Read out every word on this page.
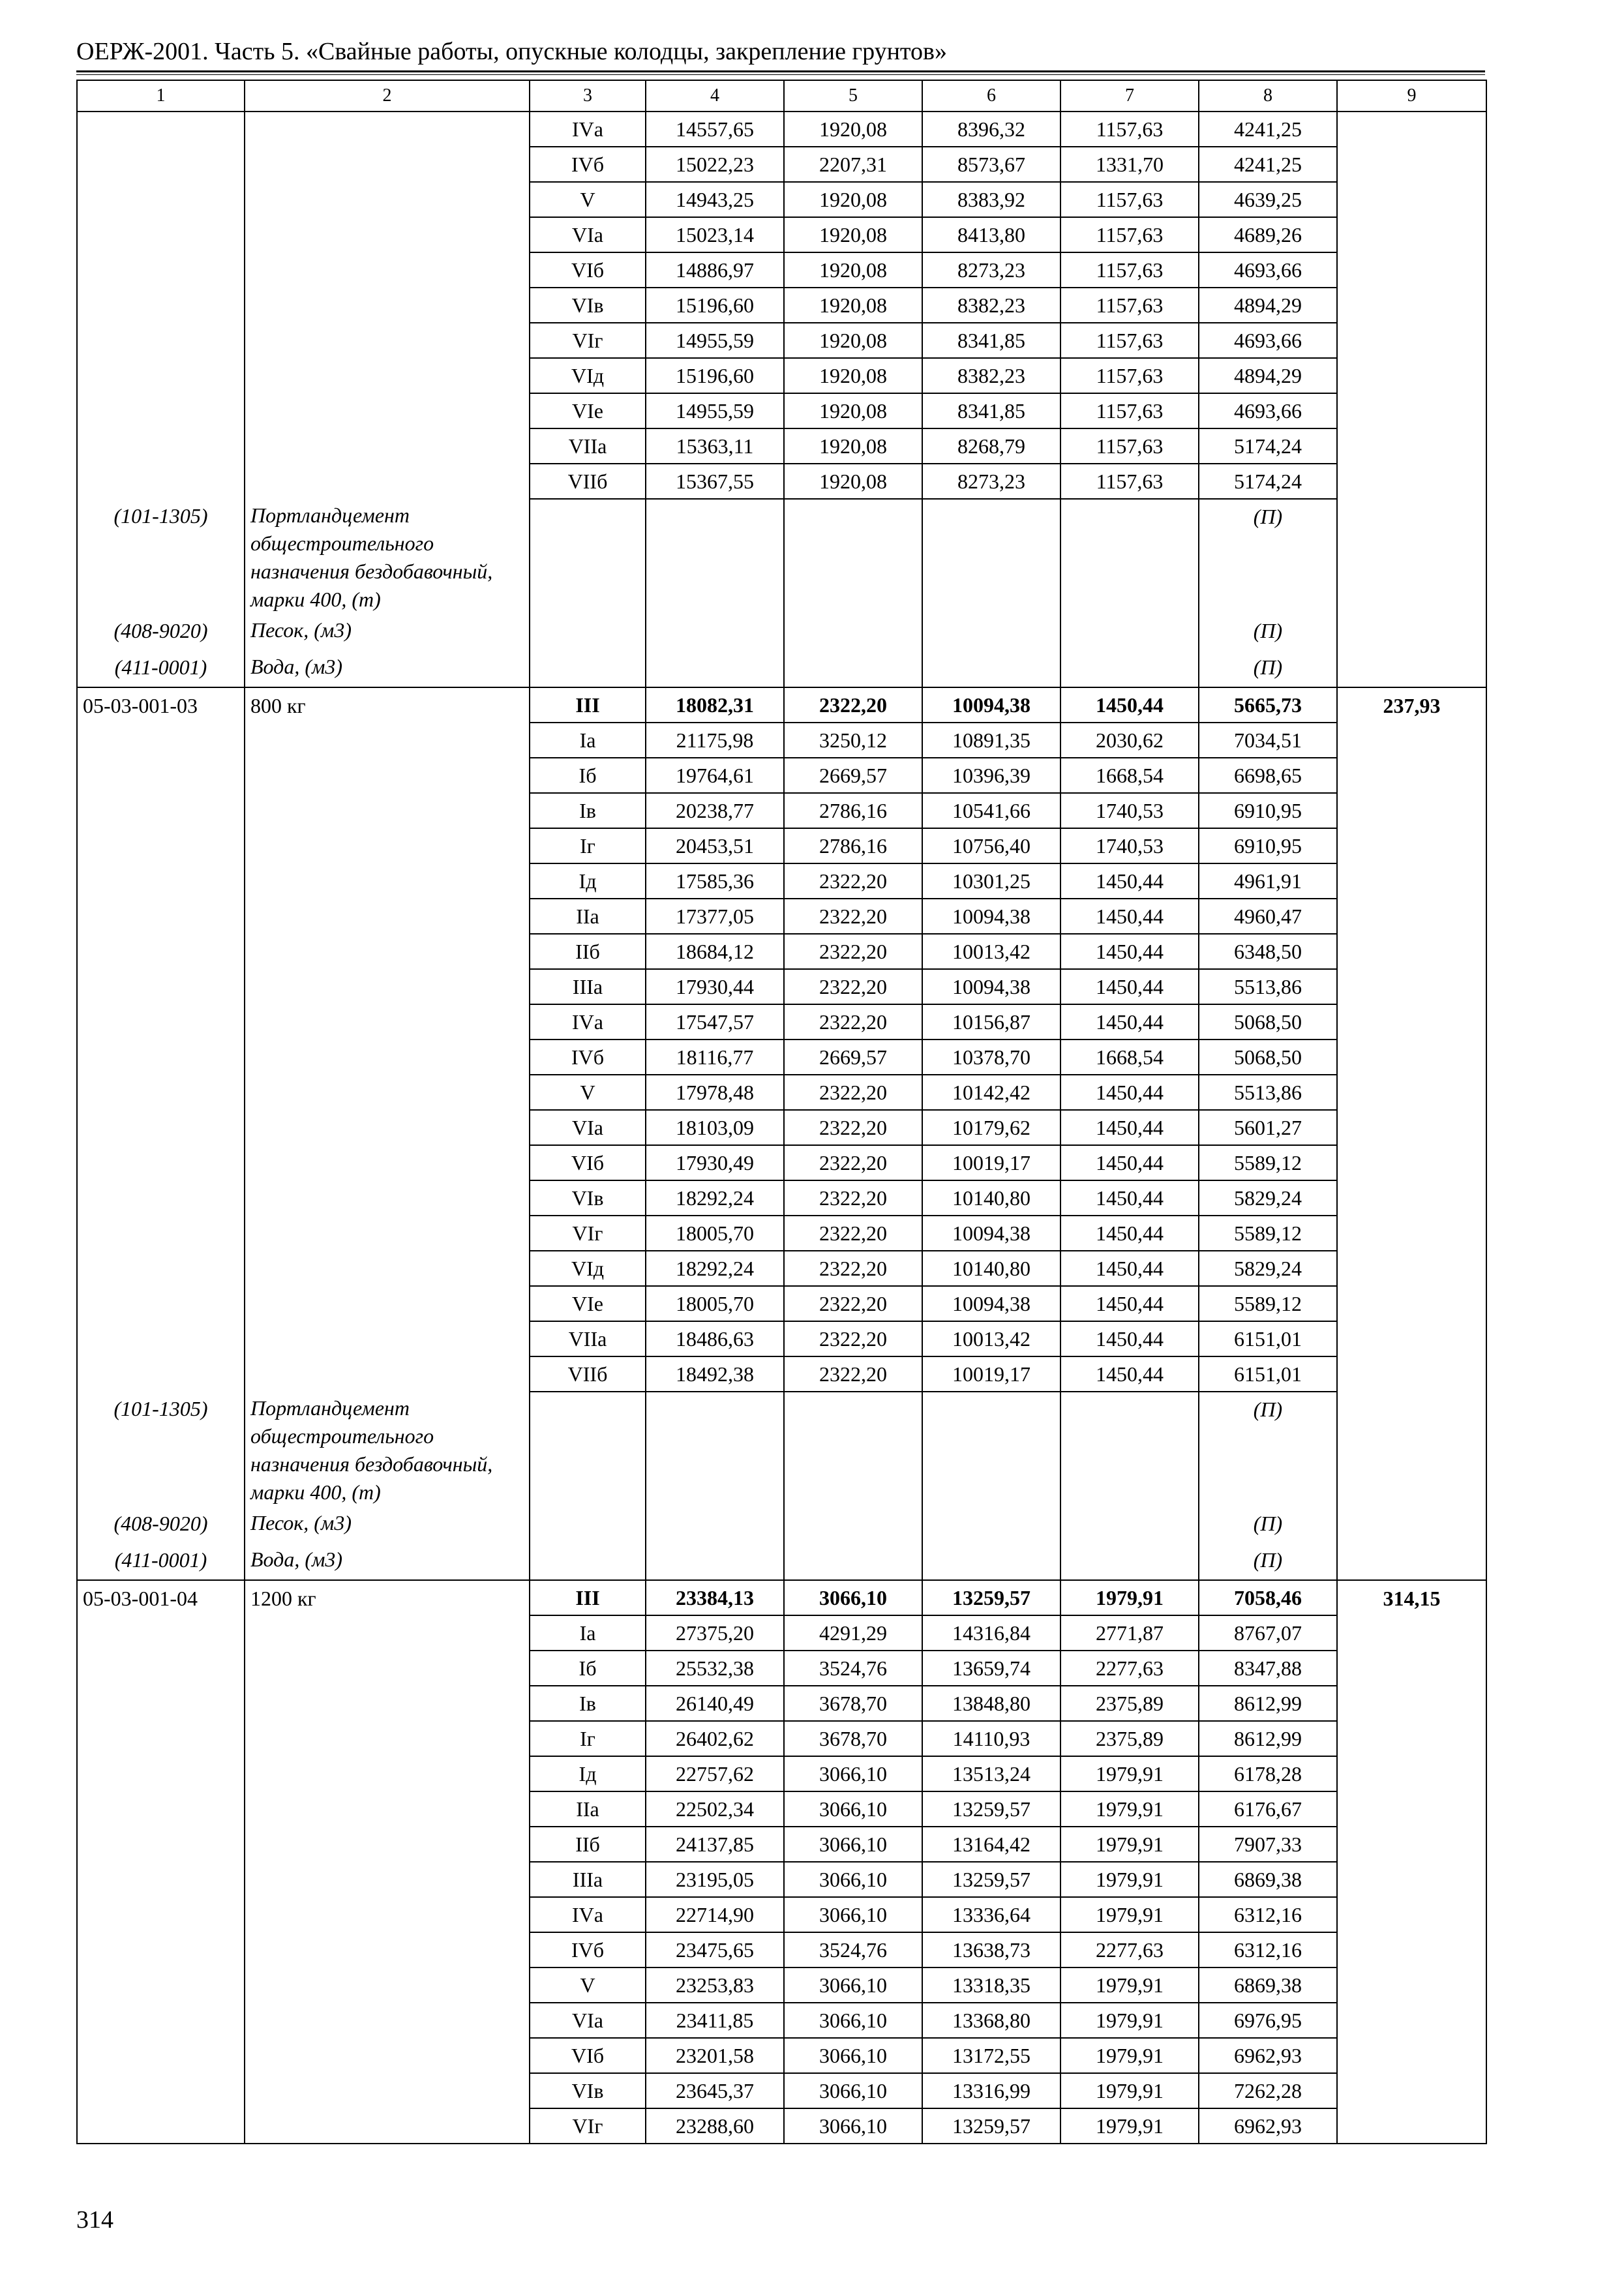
ОЕРЖ-2001. Часть 5. «Свайные работы, опускные колодцы, закрепление грунтов»
1	2	3	4	5	6	7	8	9
		IVа	14557,65	1920,08	8396,32	1157,63	4241,25	
		IVб	15022,23	2207,31	8573,67	1331,70	4241,25	
		V	14943,25	1920,08	8383,92	1157,63	4639,25	
		VIа	15023,14	1920,08	8413,80	1157,63	4689,26	
		VIб	14886,97	1920,08	8273,23	1157,63	4693,66	
		VIв	15196,60	1920,08	8382,23	1157,63	4894,29	
		VIг	14955,59	1920,08	8341,85	1157,63	4693,66	
		VIд	15196,60	1920,08	8382,23	1157,63	4894,29	
		VIе	14955,59	1920,08	8341,85	1157,63	4693,66	
		VIIа	15363,11	1920,08	8268,79	1157,63	5174,24	
		VIIб	15367,55	1920,08	8273,23	1157,63	5174,24	
(101-1305)	Портландцемент общестроительного назначения бездобавочный, марки 400, (т)						(П)	
(408-9020)	Песок, (м3)						(П)	
(411-0001)	Вода, (м3)						(П)	
05-03-001-03	800 кг	III	18082,31	2322,20	10094,38	1450,44	5665,73	237,93
		Iа	21175,98	3250,12	10891,35	2030,62	7034,51	
		Iб	19764,61	2669,57	10396,39	1668,54	6698,65	
		Iв	20238,77	2786,16	10541,66	1740,53	6910,95	
		Iг	20453,51	2786,16	10756,40	1740,53	6910,95	
		Iд	17585,36	2322,20	10301,25	1450,44	4961,91	
		IIа	17377,05	2322,20	10094,38	1450,44	4960,47	
		IIб	18684,12	2322,20	10013,42	1450,44	6348,50	
		IIIа	17930,44	2322,20	10094,38	1450,44	5513,86	
		IVа	17547,57	2322,20	10156,87	1450,44	5068,50	
		IVб	18116,77	2669,57	10378,70	1668,54	5068,50	
		V	17978,48	2322,20	10142,42	1450,44	5513,86	
		VIа	18103,09	2322,20	10179,62	1450,44	5601,27	
		VIб	17930,49	2322,20	10019,17	1450,44	5589,12	
		VIв	18292,24	2322,20	10140,80	1450,44	5829,24	
		VIг	18005,70	2322,20	10094,38	1450,44	5589,12	
		VIд	18292,24	2322,20	10140,80	1450,44	5829,24	
		VIе	18005,70	2322,20	10094,38	1450,44	5589,12	
		VIIа	18486,63	2322,20	10013,42	1450,44	6151,01	
		VIIб	18492,38	2322,20	10019,17	1450,44	6151,01	
(101-1305)	Портландцемент общестроительного назначения бездобавочный, марки 400, (т)						(П)	
(408-9020)	Песок, (м3)						(П)	
(411-0001)	Вода, (м3)						(П)	
05-03-001-04	1200 кг	III	23384,13	3066,10	13259,57	1979,91	7058,46	314,15
		Iа	27375,20	4291,29	14316,84	2771,87	8767,07	
		Iб	25532,38	3524,76	13659,74	2277,63	8347,88	
		Iв	26140,49	3678,70	13848,80	2375,89	8612,99	
		Iг	26402,62	3678,70	14110,93	2375,89	8612,99	
		Iд	22757,62	3066,10	13513,24	1979,91	6178,28	
		IIа	22502,34	3066,10	13259,57	1979,91	6176,67	
		IIб	24137,85	3066,10	13164,42	1979,91	7907,33	
		IIIа	23195,05	3066,10	13259,57	1979,91	6869,38	
		IVа	22714,90	3066,10	13336,64	1979,91	6312,16	
		IVб	23475,65	3524,76	13638,73	2277,63	6312,16	
		V	23253,83	3066,10	13318,35	1979,91	6869,38	
		VIа	23411,85	3066,10	13368,80	1979,91	6976,95	
		VIб	23201,58	3066,10	13172,55	1979,91	6962,93	
		VIв	23645,37	3066,10	13316,99	1979,91	7262,28	
		VIг	23288,60	3066,10	13259,57	1979,91	6962,93	
314
